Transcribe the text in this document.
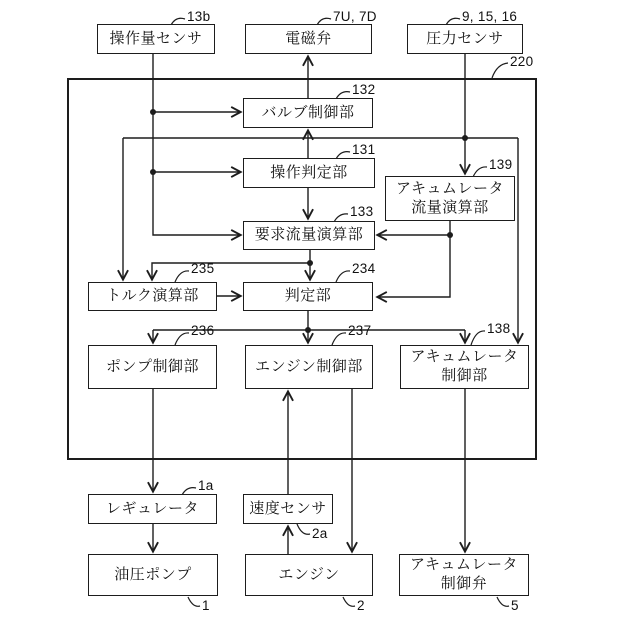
操作量センサ	電磁弁	圧力センサ
バルブ制御部
操作判定部
アキュムレータ
流量演算部
要求流量演算部
トルク演算部	判定部
ポンプ制御部	エンジン制御部
アキュムレータ
制御部
レギュレータ	速度センサ
油圧ポンプ	エンジン
アキュムレータ
制御弁
13b	7U, 7D	9, 15, 16
220
132
131
139
133
235	234
236	237	138
1a
2a
1	2	5
